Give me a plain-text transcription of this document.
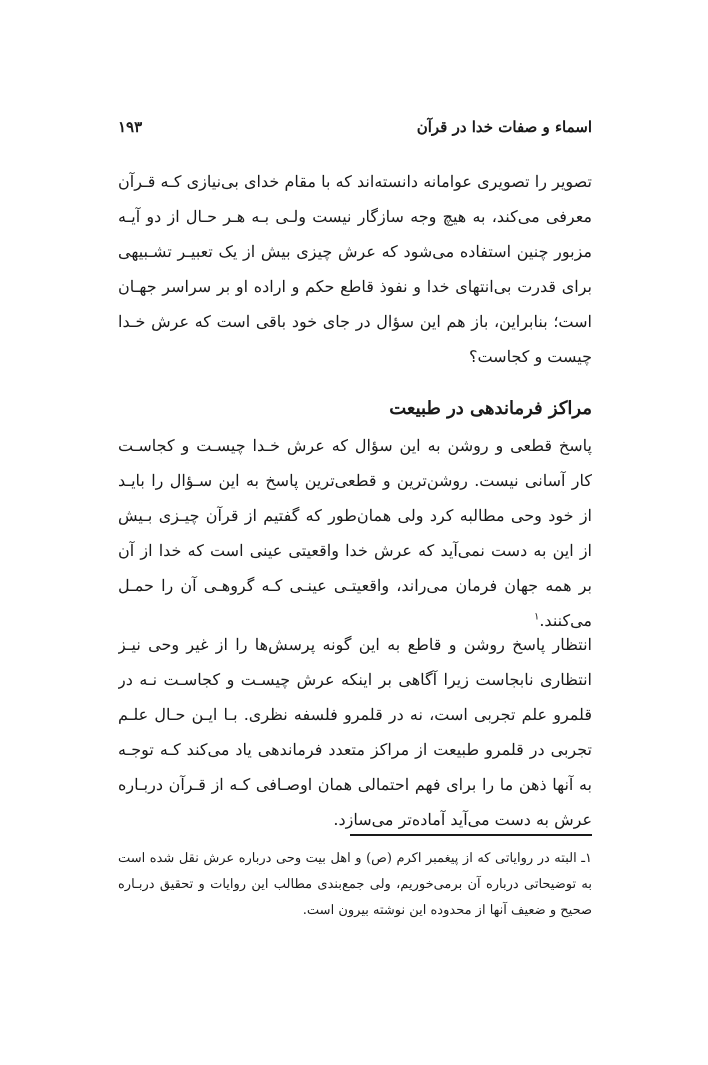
اسماء و صفات خدا در قرآن
۱۹۳
تصویر را تصویری عوامانه دانسته‌اند که با مقام خدای بی‌نیازی کـه قـرآن
معرفی می‌کند، به هیچ وجه سازگار نیست ولـی بـه هـر حـال از دو آیـه
مزبور چنین استفاده می‌شود که عرش چیزی بیش از یک تعبیـر تشـبیهی
برای قدرت بی‌انتهای خدا و نفوذ قاطع حکم و اراده او بر سراسر جهـان
است؛ بنابراین، باز هم این سؤال در جای خود باقی است که عرش خـدا
چیست و کجاست؟
مراکز فرماندهی در طبیعت
پاسخ قطعی و روشن به این سؤال که عرش خـدا چیسـت و کجاسـت
کار آسانی نیست. روشن‌ترین و قطعی‌ترین پاسخ به این سـؤال را بایـد
از خود وحی مطالبه کرد ولی همان‌طور که گفتیم از قرآن چیـزی بـیش
از این به دست نمی‌آید که عرش خدا واقعیتی عینی است که خدا از آن
بر همه جهان فرمان می‌راند، واقعیتـی عینـی کـه گروهـی آن را حمـل
می‌کنند.$^۱$
انتظار پاسخ روشن و قاطع به این گونه پرسش‌ها را از غیر وحی نیـز
انتظاری نابجاست زیرا آگاهی بر اینکه عرش چیسـت و کجاسـت نـه در
قلمرو علم تجربی است، نه در قلمرو فلسفه نظری. بـا ایـن حـال علـم
تجربی در قلمرو طبیعت از مراکز متعدد فرماندهی یاد می‌کند کـه توجـه
به آنها ذهن ما را برای فهم احتمالی همان اوصـافی کـه از قـرآن دربـاره
عرش به دست می‌آید آماده‌تر می‌سازد.
۱ـ البته در روایاتی که از پیغمبر اکرم (ص) و اهل بیت وحی درباره عرش نقل شده است
به توضیحاتی درباره آن برمی‌خوریم، ولی جمع‌بندی مطالب این روایات و تحقیق دربـاره
صحیح و ضعیف آنها از محدوده این نوشته بیرون است.
